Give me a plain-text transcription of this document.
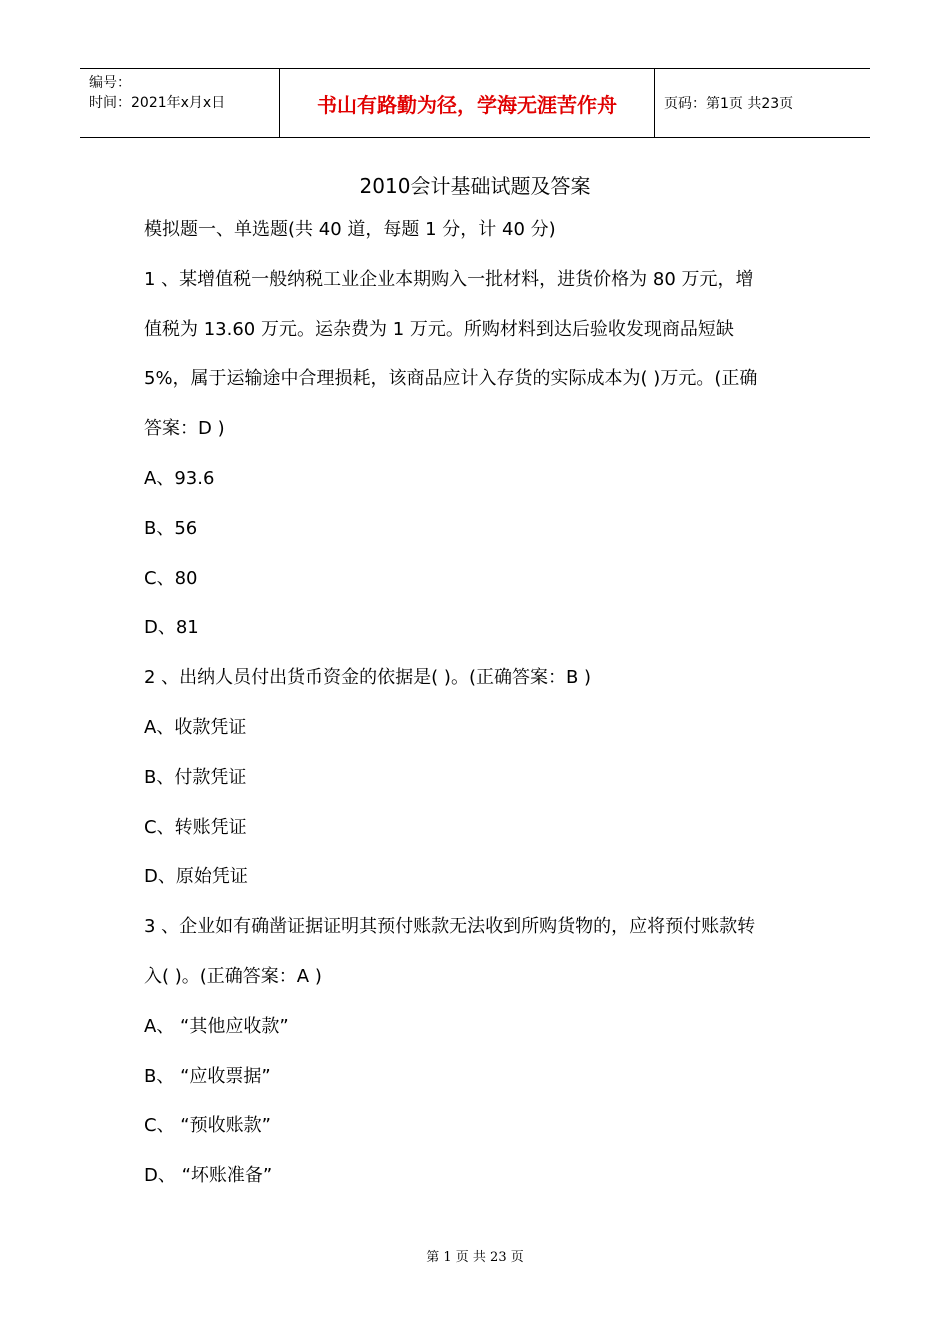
编号：
时间：2021年x月x日	书山有路勤为径，学海无涯苦作舟	页码：第1页 共23页
2010会计基础试题及答案
模拟题一、单选题(共 40 道，每题 1 分，计 40 分)
1 、某增值税一般纳税工业企业本期购入一批材料，进货价格为 80 万元，增
值税为 13.60 万元。运杂费为 1 万元。所购材料到达后验收发现商品短缺
5%，属于运输途中合理损耗，该商品应计入存货的实际成本为( )万元。(正确
答案：D )
A、93.6
B、56
C、80
D、81
2 、出纳人员付出货币资金的依据是( )。(正确答案：B )
A、收款凭证
B、付款凭证
C、转账凭证
D、原始凭证
3 、企业如有确凿证据证明其预付账款无法收到所购货物的，应将预付账款转
入( )。(正确答案：A )
A、 “其他应收款”
B、 “应收票据”
C、 “预收账款”
D、 “坏账准备”
第 1 页 共 23 页
